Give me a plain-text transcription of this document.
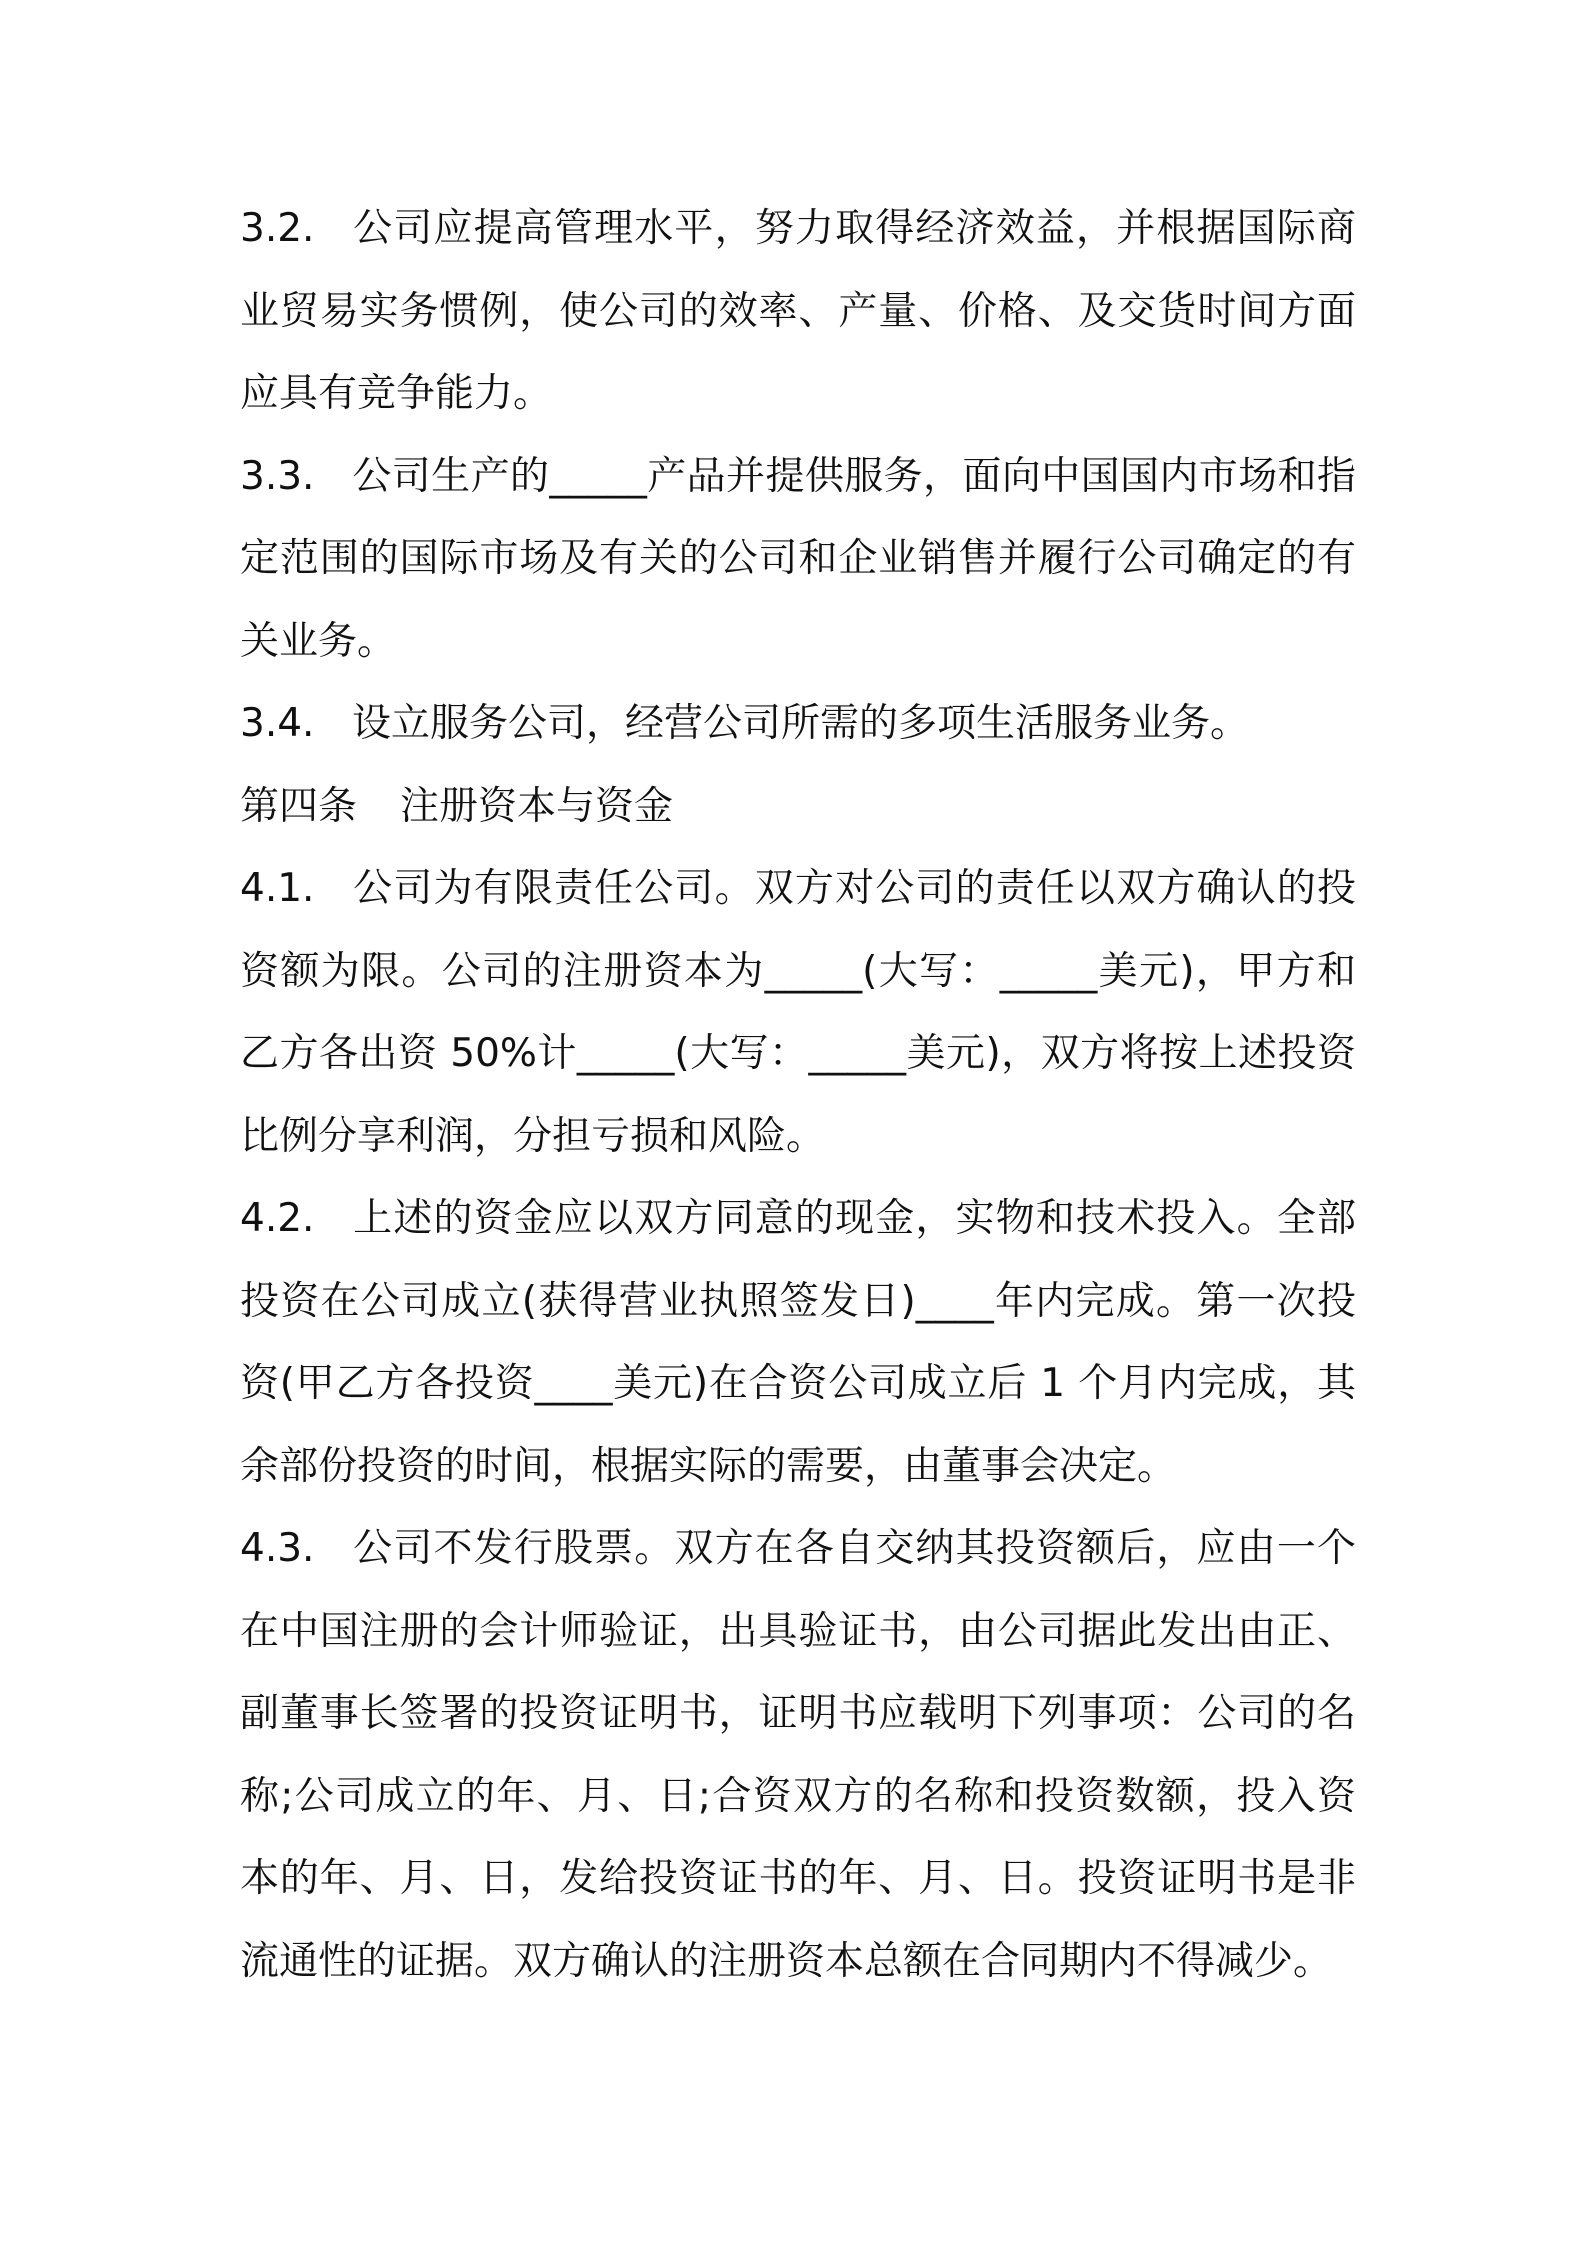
3.2. 公司应提高管理水平，努力取得经济效益，并根据国际商业贸易实务惯例，使公司的效率、产量、价格、及交货时间方面应具有竞争能力。

3.3. 公司生产的_____产品并提供服务，面向中国国内市场和指定范围的国际市场及有关的公司和企业销售并履行公司确定的有关业务。

3.4. 设立服务公司，经营公司所需的多项生活服务业务。

第四条 注册资本与资金

4.1. 公司为有限责任公司。双方对公司的责任以双方确认的投资额为限。公司的注册资本为_____(大写：_____美元)，甲方和乙方各出资 50%计_____(大写：_____美元)，双方将按上述投资比例分享利润，分担亏损和风险。

4.2. 上述的资金应以双方同意的现金，实物和技术投入。全部投资在公司成立(获得营业执照签发日)____年内完成。第一次投资(甲乙方各投资____美元)在合资公司成立后 1 个月内完成，其余部份投资的时间，根据实际的需要，由董事会决定。

4.3. 公司不发行股票。双方在各自交纳其投资额后，应由一个在中国注册的会计师验证，出具验证书，由公司据此发出由正、副董事长签署的投资证明书，证明书应载明下列事项：公司的名称;公司成立的年、月、日;合资双方的名称和投资数额，投入资本的年、月、日，发给投资证书的年、月、日。投资证明书是非流通性的证据。双方确认的注册资本总额在合同期内不得减少。
